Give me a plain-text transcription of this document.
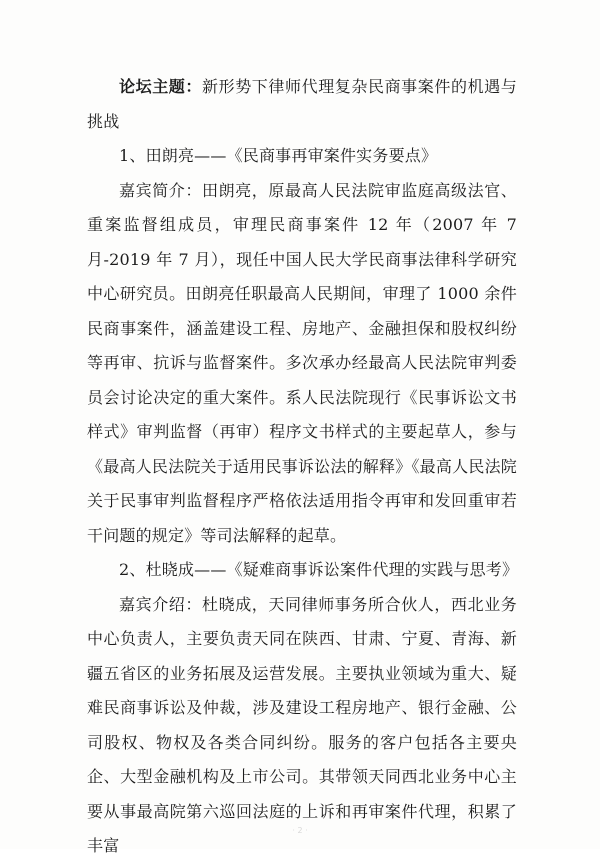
论坛主题：新形势下律师代理复杂民商事案件的机遇与挑战

1、田朗亮——《民商事再审案件实务要点》

嘉宾简介：田朗亮，原最高人民法院审监庭高级法官、重案监督组成员，审理民商事案件 12 年（2007 年 7 月-2019 年 7 月），现任中国人民大学民商事法律科学研究中心研究员。田朗亮任职最高人民期间，审理了 1000 余件民商事案件，涵盖建设工程、房地产、金融担保和股权纠纷等再审、抗诉与监督案件。多次承办经最高人民法院审判委员会讨论决定的重大案件。系人民法院现行《民事诉讼文书样式》审判监督（再审）程序文书样式的主要起草人，参与《最高人民法院关于适用民事诉讼法的解释》《最高人民法院关于民事审判监督程序严格依法适用指令再审和发回重审若干问题的规定》等司法解释的起草。

2、杜晓成——《疑难商事诉讼案件代理的实践与思考》

嘉宾介绍：杜晓成，天同律师事务所合伙人，西北业务中心负责人，主要负责天同在陕西、甘肃、宁夏、青海、新疆五省区的业务拓展及运营发展。主要执业领域为重大、疑难民商事诉讼及仲裁，涉及建设工程房地产、银行金融、公司股权、物权及各类合同纠纷。服务的客户包括各主要央企、大型金融机构及上市公司。其带领天同西北业务中心主要从事最高院第六巡回法庭的上诉和再审案件代理，积累了丰富

· 2 ·
